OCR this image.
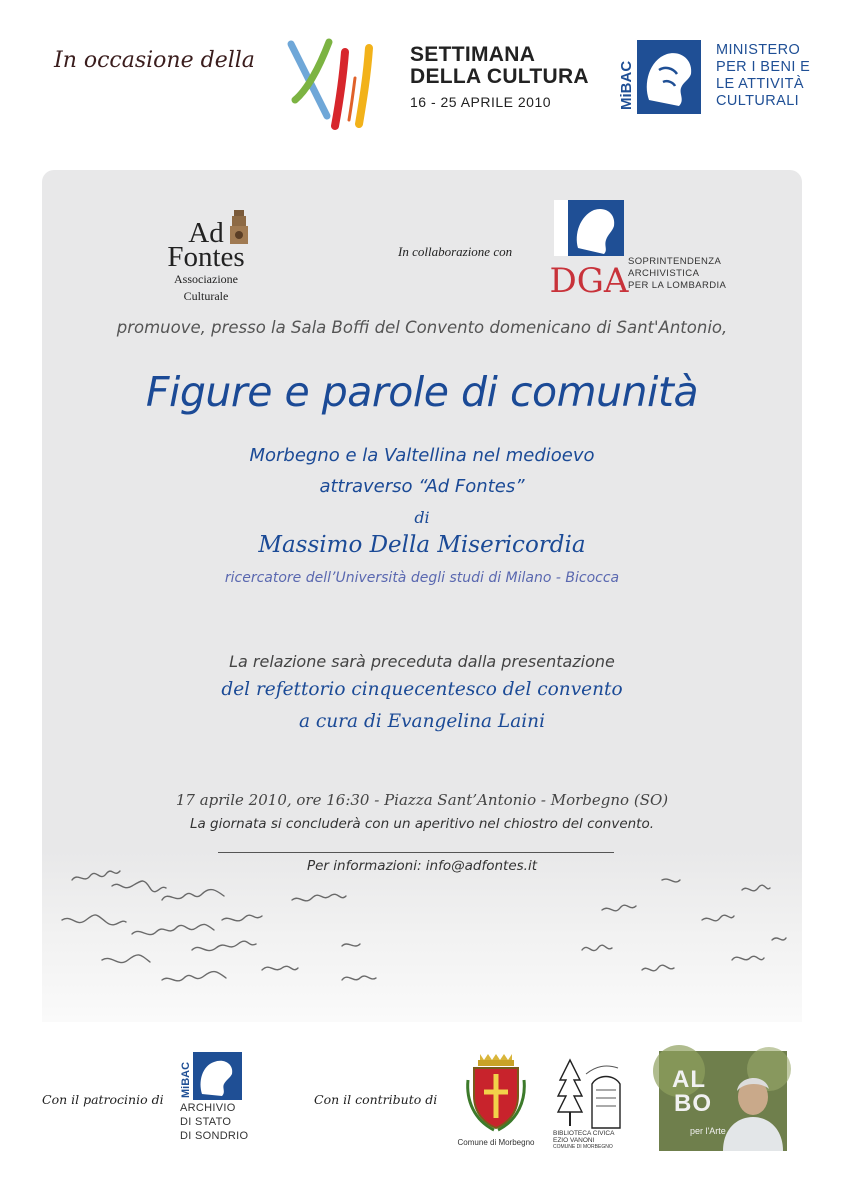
In occasione della	SETTIMANA
DELLA CULTURA
16 - 25 APRILE 2010	MiBAC
MINISTERO
PER I BENI E
LE ATTIVITÀ
CULTURALI
Ad
Fontes
Associazione
Culturale
In collaborazione con
DGA SOPRINTENDENZA
ARCHIVISTICA
PER LA LOMBARDIA
promuove, presso la Sala Boffi del Convento domenicano di Sant'Antonio,
Figure e parole di comunità
Morbegno e la Valtellina nel medioevo
attraverso “Ad Fontes”
di
Massimo Della Misericordia
ricercatore dell’Università degli studi di Milano - Bicocca
La relazione sarà preceduta dalla presentazione
del refettorio cinquecentesco del convento
a cura di Evangelina Laini
17 aprile 2010, ore 16:30 - Piazza Sant’Antonio - Morbegno (SO)
La giornata si concluderà con un aperitivo nel chiostro del convento.
Per informazioni: info@adfontes.it
Con il patrocinio di
MiBAC
ARCHIVIO
DI STATO
DI SONDRIO
Con il contributo di
Comune di Morbegno
BIBLIOTECA CIVICA
EZIO VANONI
COMUNE DI MORBEGNO
AL
BO
per l'Arte
